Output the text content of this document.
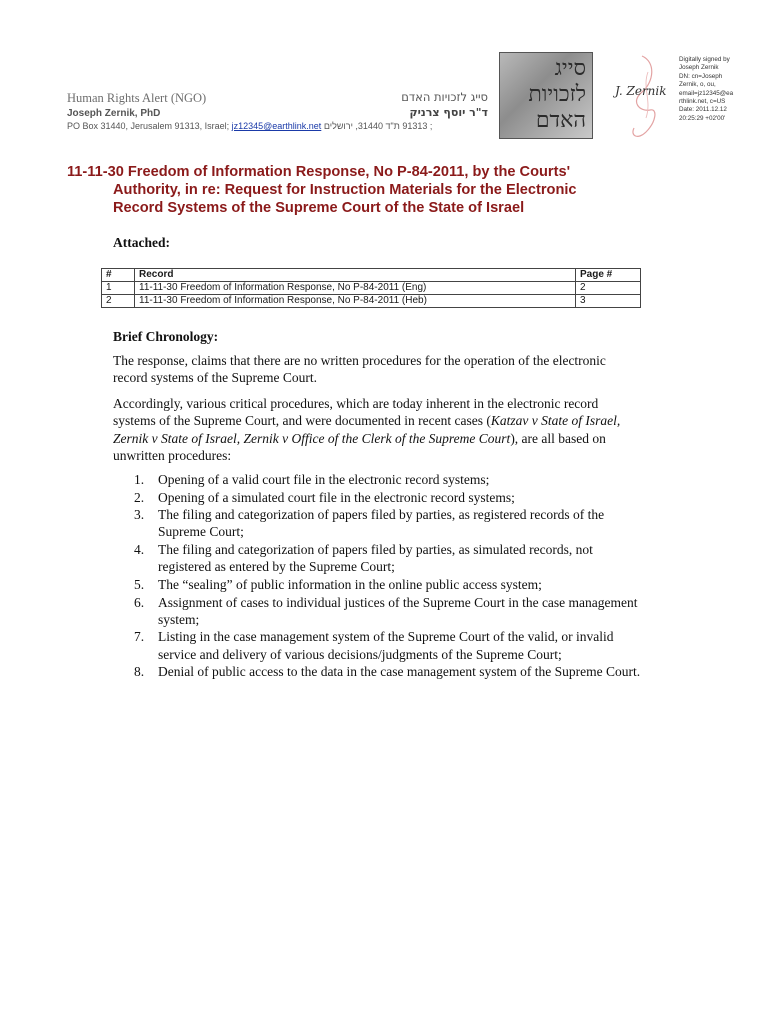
Human Rights Alert (NGO)
Joseph Zernik, PhD
PO Box 31440, Jerusalem 91313, Israel; jz12345@earthlink.net ; 91313 ת"ד 31440, ירושלים
סייג לזכויות האדם
ד"ר יוסף צרניק
סייג
לזכויות
האדם
J. Zernik
Digitally signed by
Joseph Zernik
DN: cn=Joseph
Zernik, o, ou,
email=jz12345@ea
rthlink.net, c=US
Date: 2011.12.12
20:25:29 +02'00'
11-11-30 Freedom of Information Response, No P-84-2011, by the Courts'
Authority, in re: Request for Instruction Materials for the Electronic
Record Systems of the Supreme Court of the State of Israel
Attached:
#	Record	Page #
1	11-11-30 Freedom of Information Response, No P-84-2011 (Eng)	2
2	11-11-30 Freedom of Information Response, No P-84-2011 (Heb)	3
Brief Chronology:
The response, claims that there are no written procedures for the operation of the electronic record systems of the Supreme Court.
Accordingly, various critical procedures, which are today inherent in the electronic record systems of the Supreme Court, and were documented in recent cases (Katzav v State of Israel, Zernik v State of Israel, Zernik v Office of the Clerk of the Supreme Court), are all based on unwritten procedures:
1. Opening of a valid court file in the electronic record systems;
2. Opening of a simulated court file in the electronic record systems;
3. The filing and categorization of papers filed by parties, as registered records of the Supreme Court;
4. The filing and categorization of papers filed by parties, as simulated records, not registered as entered by the Supreme Court;
5. The “sealing” of public information in the online public access system;
6. Assignment of cases to individual justices of the Supreme Court in the case management system;
7. Listing in the case management system of the Supreme Court of the valid, or invalid service and delivery of various decisions/judgments of the Supreme Court;
8. Denial of public access to the data in the case management system of the Supreme Court.
